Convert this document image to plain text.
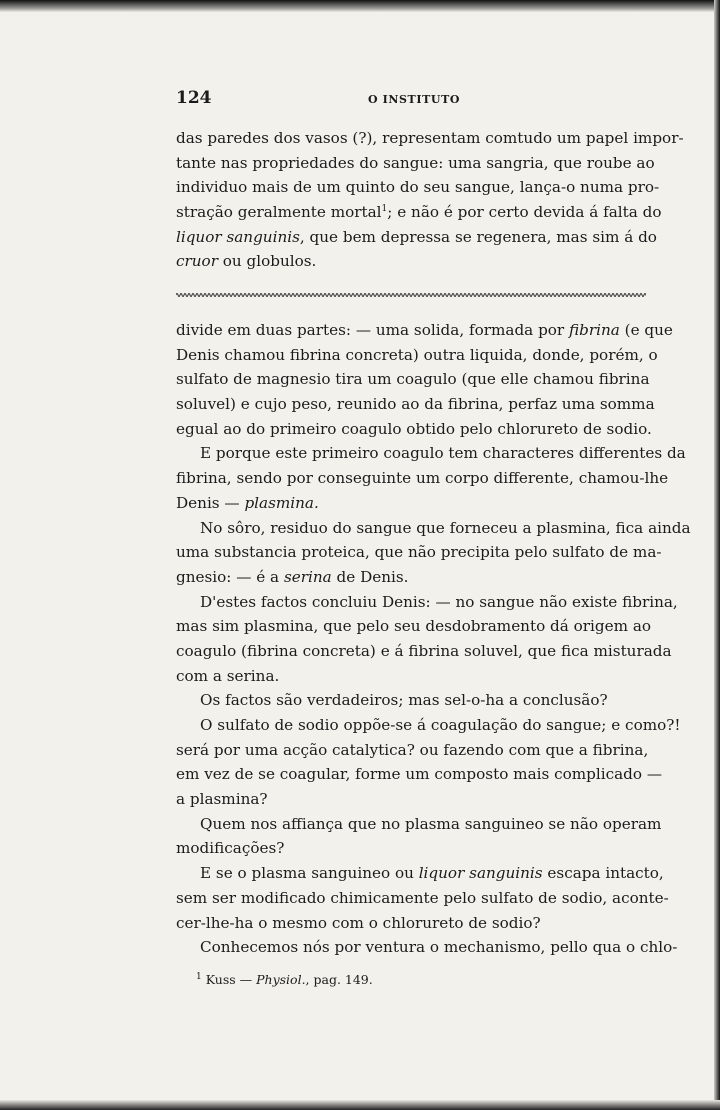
124	O INSTITUTO
das paredes dos vasos (?), representam comtudo um papel impor-
tante nas propriedades do sangue: uma sangria, que roube ao
individuo mais de um quinto do seu sangue, lança-o numa pro-
stração geralmente mortal$^1$; e não é por certo devida á falta do
liquor sanguinis, que bem depressa se regenera, mas sim á do
cruor ou globulos.
divide em duas partes: — uma solida, formada por fibrina (e que
Denis chamou fibrina concreta) outra liquida, donde, porém, o
sulfato de magnesio tira um coagulo (que elle chamou fibrina
soluvel) e cujo peso, reunido ao da fibrina, perfaz uma somma
egual ao do primeiro coagulo obtido pelo chlorureto de sodio.
E porque este primeiro coagulo tem characteres differentes da
fibrina, sendo por conseguinte um corpo differente, chamou-lhe
Denis — plasmina.
No sôro, residuo do sangue que forneceu a plasmina, fica ainda
uma substancia proteica, que não precipita pelo sulfato de ma-
gnesio: — é a serina de Denis.
D'estes factos concluiu Denis: — no sangue não existe fibrina,
mas sim plasmina, que pelo seu desdobramento dá origem ao
coagulo (fibrina concreta) e á fibrina soluvel, que fica misturada
com a serina.
Os factos são verdadeiros; mas sel-o-ha a conclusão?
O sulfato de sodio oppõe-se á coagulação do sangue; e como?!
será por uma acção catalytica? ou fazendo com que a fibrina,
em vez de se coagular, forme um composto mais complicado —
a plasmina?
Quem nos affiança que no plasma sanguineo se não operam
modificações?
E se o plasma sanguineo ou liquor sanguinis escapa intacto,
sem ser modificado chimicamente pelo sulfato de sodio, aconte-
cer-lhe-ha o mesmo com o chlorureto de sodio?
Conhecemos nós por ventura o mechanismo, pello qua o chlo-
$^1$ Kuss — Physiol., pag. 149.
